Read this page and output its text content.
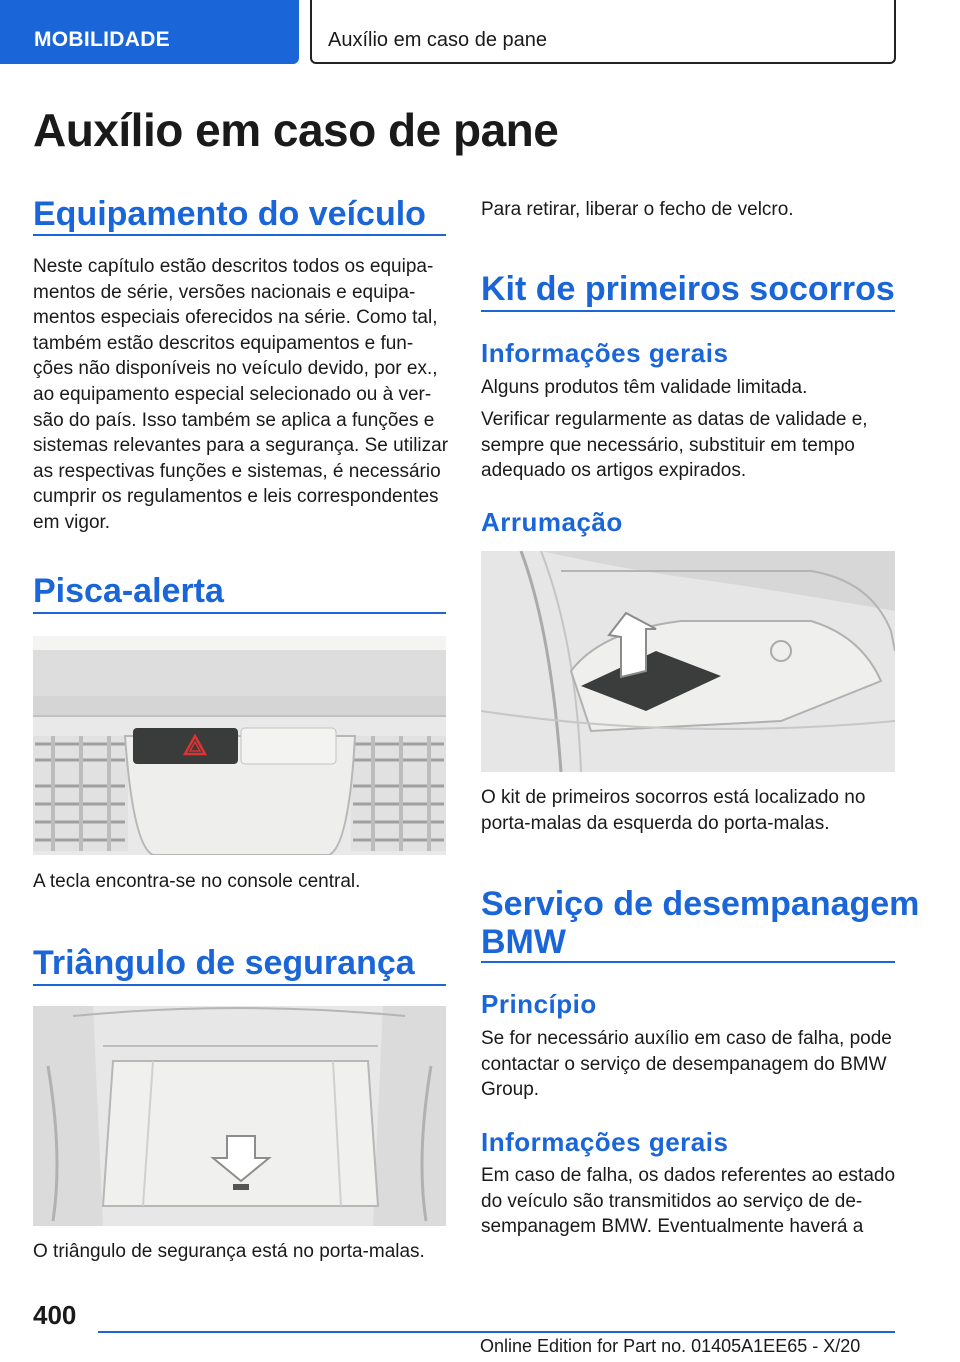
MOBILIDADE	Auxílio em caso de pane
Auxílio em caso de pane
Equipamento do veículo
Neste capítulo estão descritos todos os equipa‐
mentos de série, versões nacionais e equipa‐
mentos especiais oferecidos na série. Como tal,
também estão descritos equipamentos e fun‐
ções não disponíveis no veículo devido, por ex.,
ao equipamento especial selecionado ou à ver‐
são do país. Isso também se aplica a funções e
sistemas relevantes para a segurança. Se utilizar
as respectivas funções e sistemas, é necessário
cumprir os regulamentos e leis correspondentes
em vigor.
Pisca-alerta
A tecla encontra-se no console central.
Triângulo de segurança
O triângulo de segurança está no porta-malas.
Para retirar, liberar o fecho de velcro.
Kit de primeiros socorros
Informações gerais
Alguns produtos têm validade limitada.
Verificar regularmente as datas de validade e,
sempre que necessário, substituir em tempo
adequado os artigos expirados.
Arrumação
O kit de primeiros socorros está localizado no
porta-malas da esquerda do porta-malas.
Serviço de desempanagem
BMW
Princípio
Se for necessário auxílio em caso de falha, pode
contactar o serviço de desempanagem do BMW
Group.
Informações gerais
Em caso de falha, os dados referentes ao estado
do veículo são transmitidos ao serviço de de‐
sempanagem BMW. Eventualmente haverá a
400
Online Edition for Part no. 01405A1EE65 - X/20
